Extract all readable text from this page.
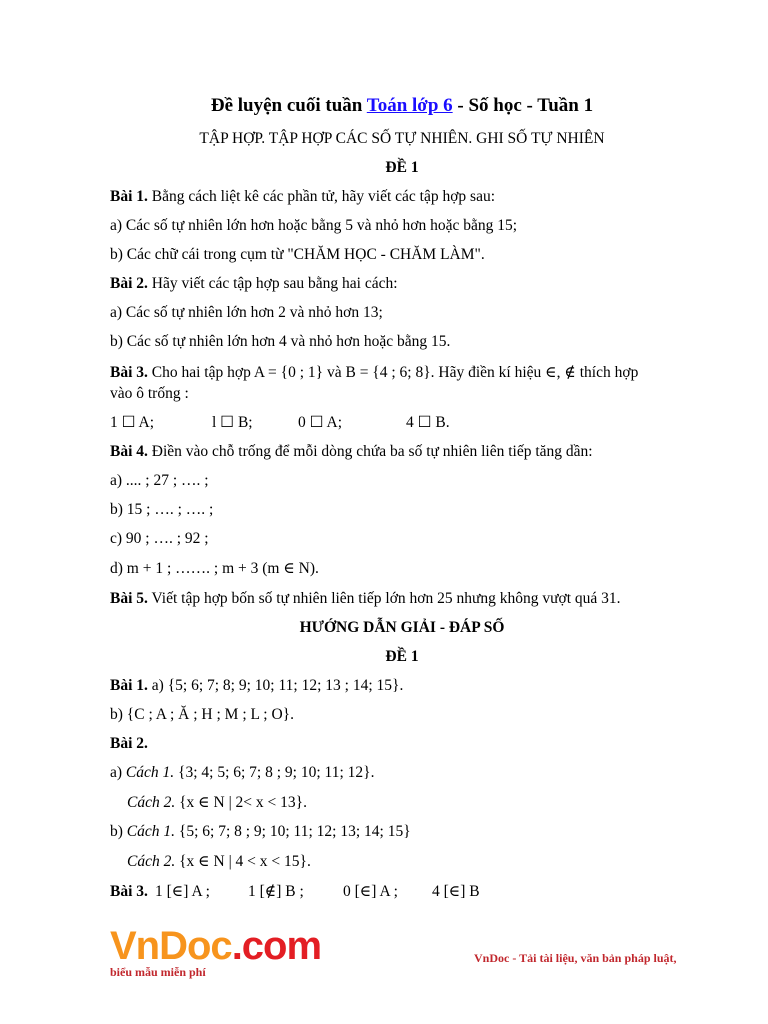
Đề luyện cuối tuần Toán lớp 6 - Số học - Tuần 1
TẬP HỢP. TẬP HỢP CÁC SỐ TỰ NHIÊN. GHI SỐ TỰ NHIÊN
ĐỀ 1
Bài 1. Bằng cách liệt kê các phần tử, hãy viết các tập hợp sau:
a) Các số tự nhiên lớn hơn hoặc bằng 5 và nhỏ hơn hoặc bằng 15;
b) Các chữ cái trong cụm từ "CHĂM HỌC - CHĂM LÀM".
Bài 2. Hãy viết các tập hợp sau bằng hai cách:
a) Các số tự nhiên lớn hơn 2 và nhỏ hơn 13;
b) Các số tự nhiên lớn hơn 4 và nhỏ hơn hoặc bằng 15.
Bài 3. Cho hai tập hợp A = {0 ; 1} và B = {4 ; 6; 8}. Hãy điền kí hiệu ∈, ∉ thích hợp
vào ô trống :
1 ☐ A;	l ☐ B;	0 ☐ A;	4 ☐ B.
Bài 4. Điền vào chỗ trống để mỗi dòng chứa ba số tự nhiên liên tiếp tăng dần:
a) .... ; 27 ; …. ;
b) 15 ; …. ; …. ;
c) 90 ; …. ; 92 ;
d) m + 1 ; ……. ; m + 3 (m ∈ N).
Bài 5. Viết tập hợp bốn số tự nhiên liên tiếp lớn hơn 25 nhưng không vượt quá 31.
HƯỚNG DẪN GIẢI - ĐÁP SỐ
ĐỀ 1
Bài 1. a) {5; 6; 7; 8; 9; 10; 11; 12; 13 ; 14; 15}.
b) {C ; A ; Ă ; H ; M ; L ; O}.
Bài 2.
a) Cách 1. {3; 4; 5; 6; 7; 8 ; 9; 10; 11; 12}.
Cách 2. {x ∈ N | 2< x < 13}.
b) Cách 1. {5; 6; 7; 8 ; 9; 10; 11; 12; 13; 14; 15}
Cách 2. {x ∈ N | 4 < x < 15}.
Bài 3. 1 [∈] A ; 1 [∉] B ;	0 [∈] A ; 4 [∈] B
VnDoc.com
biểu mẫu miễn phí
VnDoc - Tải tài liệu, văn bản pháp luật,
